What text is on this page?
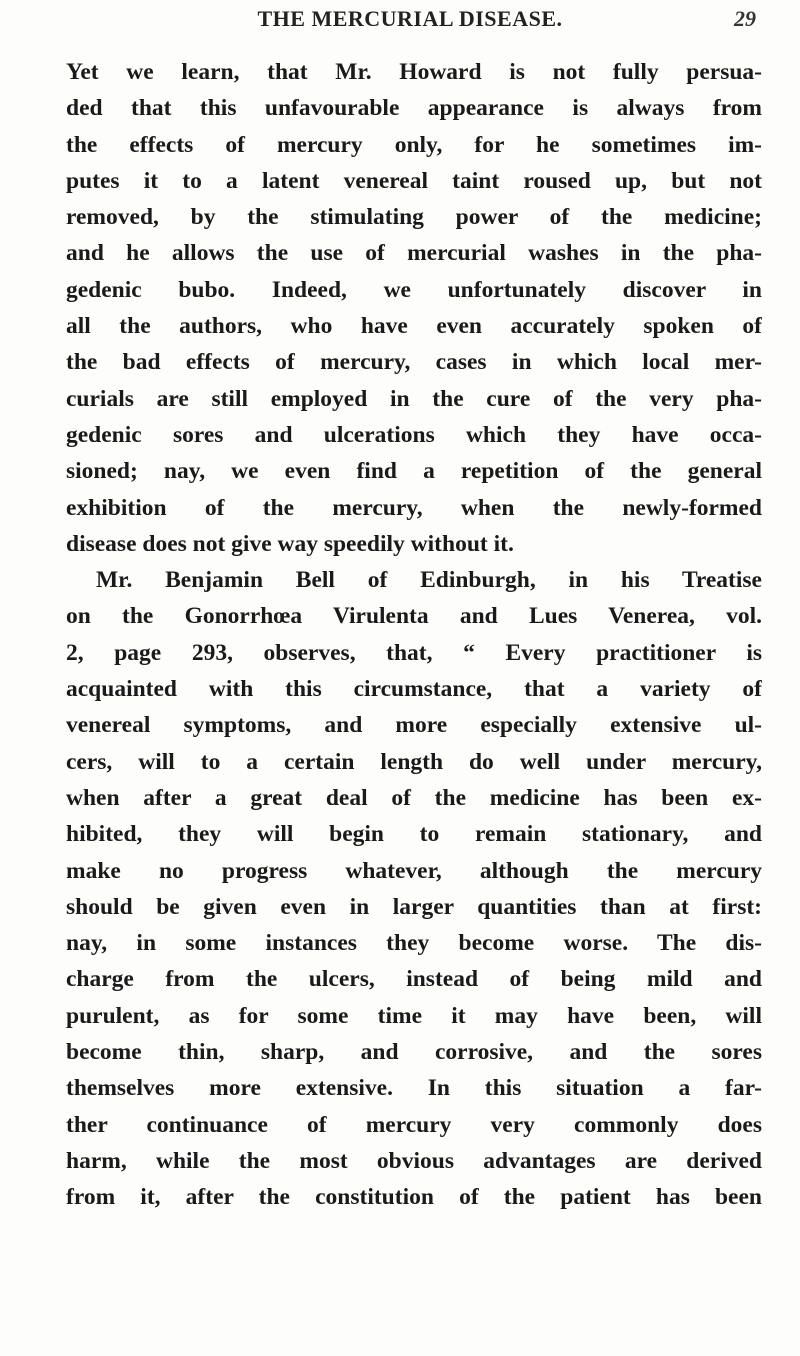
THE MERCURIAL DISEASE.	29
Yet we learn, that Mr. Howard is not fully persua-
ded that this unfavourable appearance is always from
the effects of mercury only, for he sometimes im-
putes it to a latent venereal taint roused up, but not
removed, by the stimulating power of the medicine;
and he allows the use of mercurial washes in the pha-
gedenic bubo. Indeed, we unfortunately discover in
all the authors, who have even accurately spoken of
the bad effects of mercury, cases in which local mer-
curials are still employed in the cure of the very pha-
gedenic sores and ulcerations which they have occa-
sioned; nay, we even find a repetition of the general
exhibition of the mercury, when the newly-formed
disease does not give way speedily without it.
Mr. Benjamin Bell of Edinburgh, in his Treatise
on the Gonorrhœa Virulenta and Lues Venerea, vol.
2, page 293, observes, that, “ Every practitioner is
acquainted with this circumstance, that a variety of
venereal symptoms, and more especially extensive ul-
cers, will to a certain length do well under mercury,
when after a great deal of the medicine has been ex-
hibited, they will begin to remain stationary, and
make no progress whatever, although the mercury
should be given even in larger quantities than at first:
nay, in some instances they become worse. The dis-
charge from the ulcers, instead of being mild and
purulent, as for some time it may have been, will
become thin, sharp, and corrosive, and the sores
themselves more extensive. In this situation a far-
ther continuance of mercury very commonly does
harm, while the most obvious advantages are derived
from it, after the constitution of the patient has been
